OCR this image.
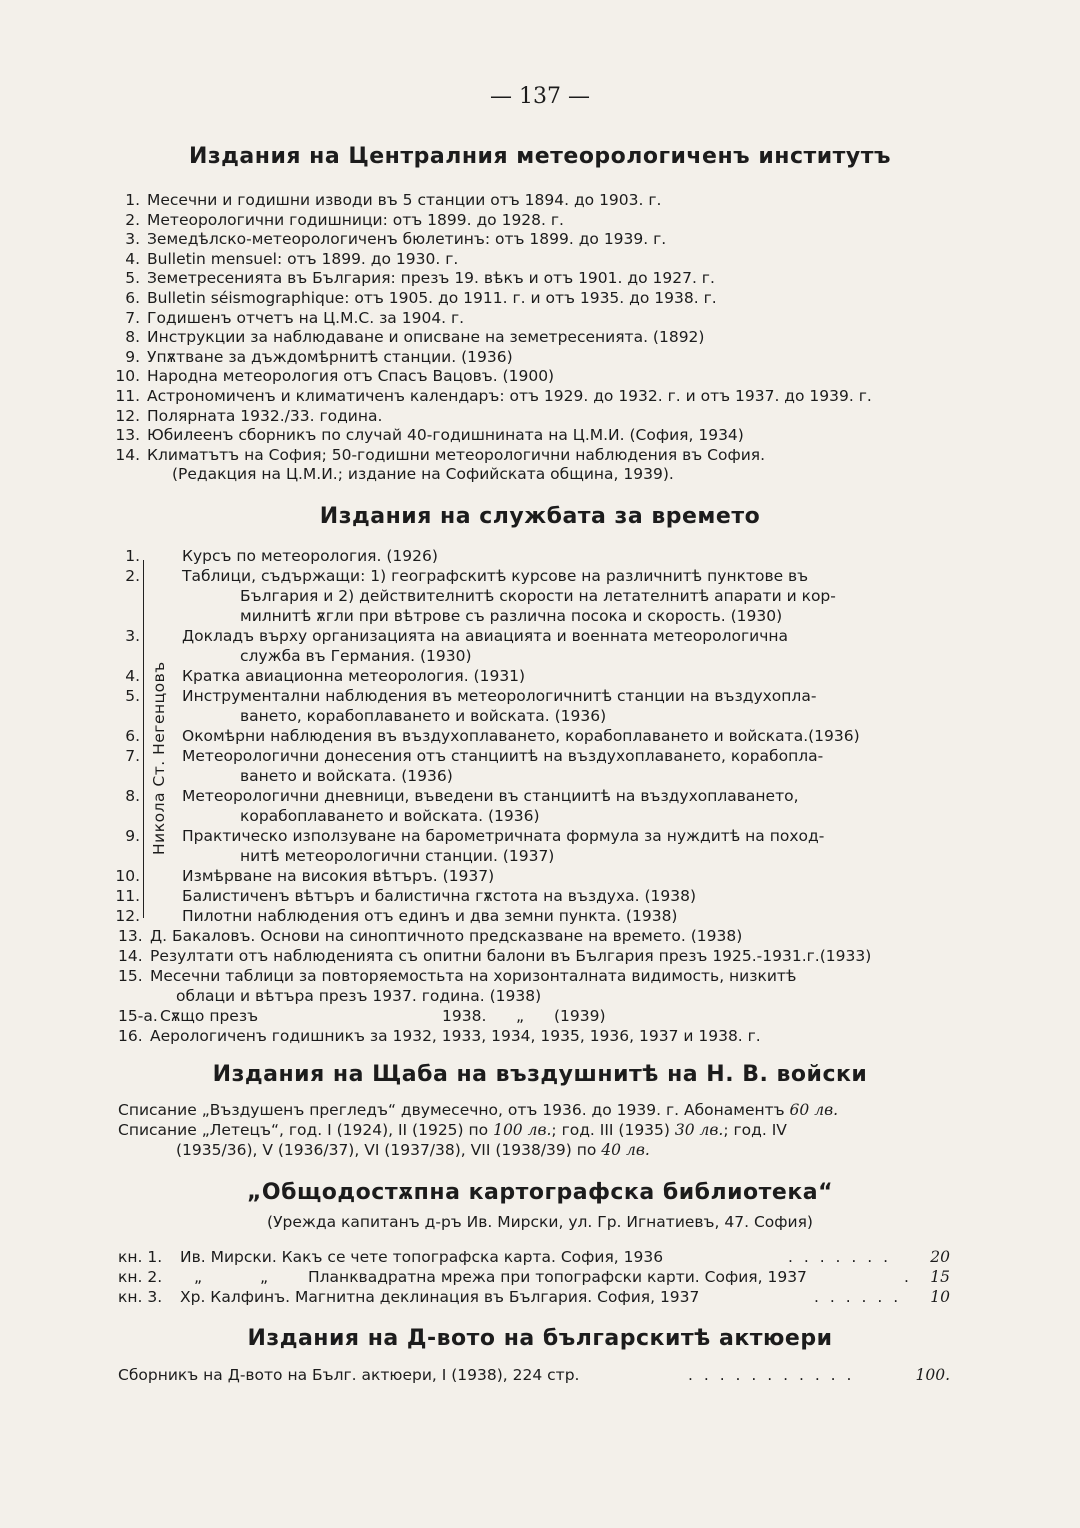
— 137 —
Издания на Централния метеорологиченъ институтъ
1. Месечни и годишни изводи въ 5 станции отъ 1894. до 1903. г.
2. Метеорологични годишници: отъ 1899. до 1928. г.
3. Земедѣлско-метеорологиченъ бюлетинъ: отъ 1899. до 1939. г.
4. Bulletin mensuel: отъ 1899. до 1930. г.
5. Земетресенията въ България: презъ 19. вѣкъ и отъ 1901. до 1927. г.
6. Bulletin séismographique: отъ 1905. до 1911. г. и отъ 1935. до 1938. г.
7. Годишенъ отчетъ на Ц.М.С. за 1904. г.
8. Инструкции за наблюдаване и описване на земетресенията. (1892)
9. Упѫтване за дъждомѣрнитѣ станции. (1936)
10. Народна метеорология отъ Спасъ Вацовъ. (1900)
11. Астрономиченъ и климатиченъ календаръ: отъ 1929. до 1932. г. и отъ 1937. до 1939. г.
12. Полярната 1932./33. година.
13. Юбилеенъ сборникъ по случай 40-годишнината на Ц.М.И. (София, 1934)
14. Климатътъ на София; 50-годишни метеорологични наблюдения въ София.
(Редакция на Ц.М.И.; издание на Софийската община, 1939).
Издания на службата за времето
Никола Ст. Негенцовъ
1.	Курсъ по метеорология. (1926)
2.	Таблици, съдържащи: 1) географскитѣ курсове на различнитѣ пунктове въ
България и 2) действителнитѣ скорости на летателнитѣ апарати и кор-
милнитѣ ѫгли при вѣтрове съ различна посока и скорость. (1930)
3.	Докладъ върху организацията на авиацията и военната метеорологична
служба въ Германия. (1930)
4.	Кратка авиационна метеорология. (1931)
5.	Инструментални наблюдения въ метеорологичнитѣ станции на въздухопла-
ването, корабоплаването и войската. (1936)
6.	Окомѣрни наблюдения въ въздухоплаването, корабоплаването и войската.(1936)
7.	Метеорологични донесения отъ станциитѣ на въздухоплаването, корабопла-
ването и войската. (1936)
8.	Метеорологични дневници, въведени въ станциитѣ на въздухоплаването,
корабоплаването и войската. (1936)
9.	Практическо използуване на барометричната формула за нуждитѣ на поход-
нитѣ метеорологични станции. (1937)
10.	Измѣрване на високия вѣтъръ. (1937)
11.	Балистиченъ вѣтъръ и балистична гѫстота на въздуха. (1938)
12.	Пилотни наблюдения отъ единъ и два земни пункта. (1938)
13. Д. Бакаловъ. Основи на синоптичното предсказване на времето. (1938)
14. Резултати отъ наблюденията съ опитни балони въ България презъ 1925.-1931.г.(1933)
15. Месечни таблици за повторяемостьта на хоризонталната видимость, низкитѣ
облаци и вѣтъра презъ 1937. година. (1938)
15-а. Сѫщо презъ	1938. „ (1939)
16. Аерологиченъ годишникъ за 1932, 1933, 1934, 1935, 1936, 1937 и 1938. г.
Издания на Щаба на въздушнитѣ на Н. В. войски
Списание „Въздушенъ прегледъ“ двумесечно, отъ 1936. до 1939. г. Абонаментъ 60 лв.
Списание „Летецъ“, год. I (1924), II (1925) по 100 лв.; год. III (1935) 30 лв.; год. IV
(1935/36), V (1936/37), VI (1937/38), VII (1938/39) по 40 лв.
„Общодостѫпна картографска библиотека“
(Урежда капитанъ д-ръ Ив. Мирски, ул. Гр. Игнатиевъ, 47. София)
кн. 1. Ив. Мирски. Какъ се чете топографска карта. София, 1936	. . . . . . .	20
кн. 2. „	„	Планквадратна мрежа при топографски карти. София, 1937	.	15
кн. 3. Хр. Калфинъ. Магнитна деклинация въ България. София, 1937	. . . . . .	10
Издания на Д-вото на българскитѣ актюери
Сборникъ на Д-вото на Бълг. актюери, I (1938), 224 стр.	. . . . . . . . . . .	100.
